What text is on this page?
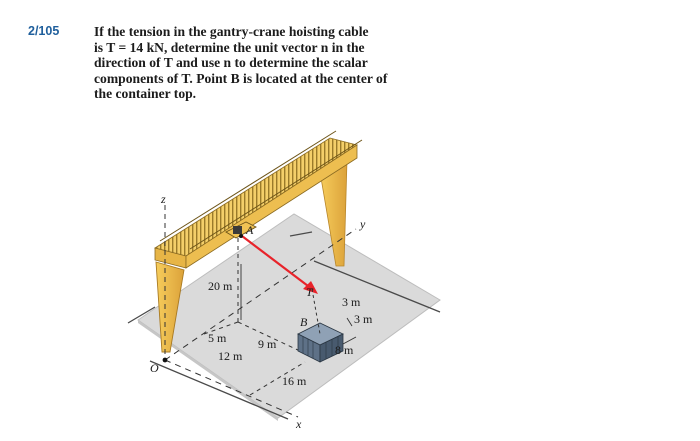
2/105	If the tension in the gantry-crane hoisting cable
is T = 14 kN, determine the unit vector n in the
direction of T and use n to determine the scalar
components of T. Point B is located at the center of
the container top.
z
y
x
O
A
B
T
20 m
5 m
12 m
9 m
16 m
3 m
3 m
8 m
